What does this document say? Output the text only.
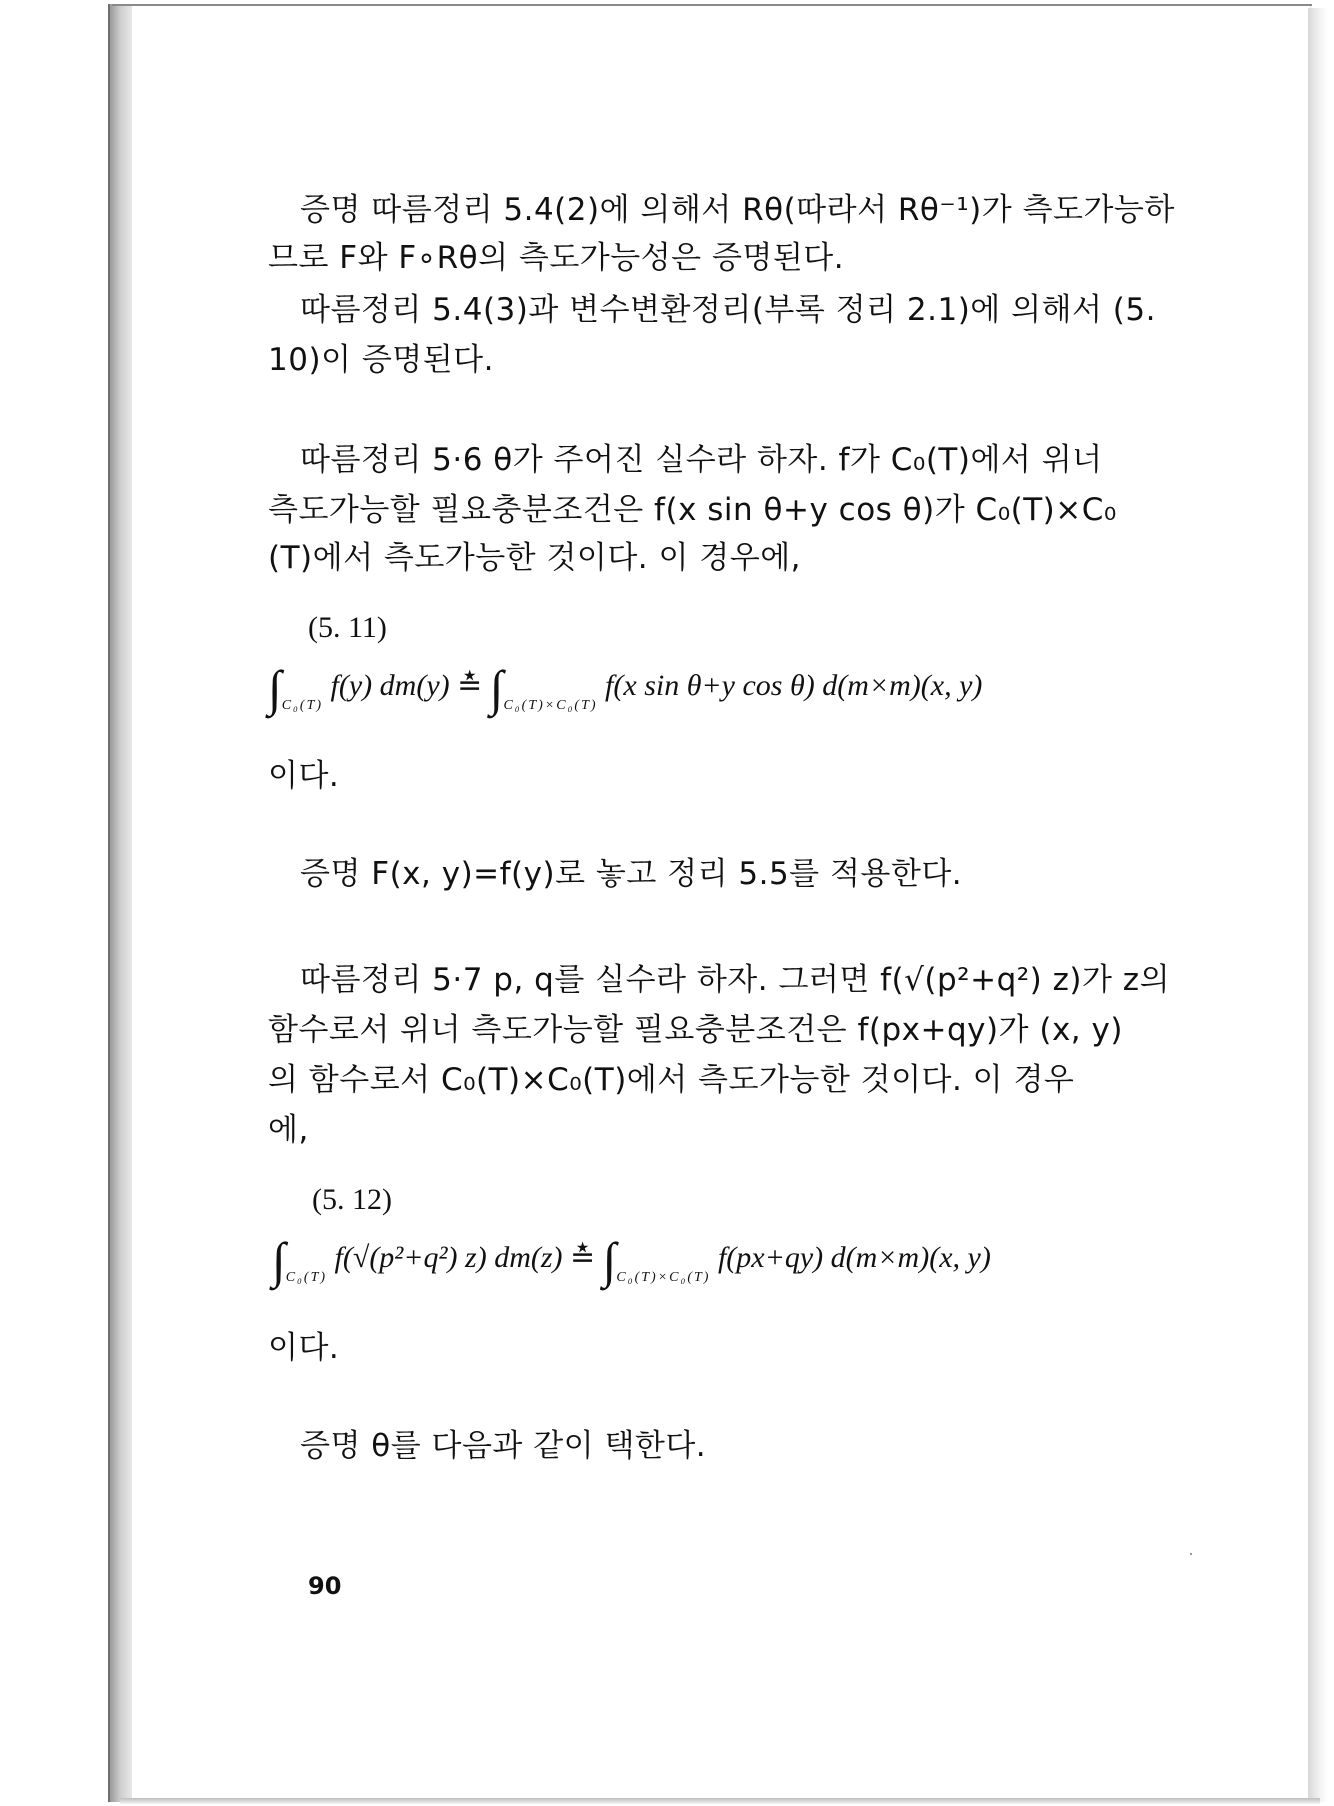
증명 따름정리 5.4(2)에 의해서 Rθ(따라서 Rθ⁻¹)가 측도가능하
므로 F와 F∘Rθ의 측도가능성은 증명된다.
따름정리 5.4(3)과 변수변환정리(부록 정리 2.1)에 의해서 (5.
10)이 증명된다.
따름정리 5·6 θ가 주어진 실수라 하자. f가 C₀(T)에서 위너
측도가능할 필요충분조건은 f(x sin θ+y cos θ)가 C₀(T)×C₀
(T)에서 측도가능한 것이다. 이 경우에,
(5. 11)
$\int_{C_0(T)}$ f(y) dm(y) ≛ $\int_{C_0(T)\times C_0(T)}$ f(x sin θ+y cos θ) d(m×m)(x, y)
이다.
증명 F(x, y)=f(y)로 놓고 정리 5.5를 적용한다.
따름정리 5·7 p, q를 실수라 하자. 그러면 f(√(p²+q²) z)가 z의
함수로서 위너 측도가능할 필요충분조건은 f(px+qy)가 (x, y)
의 함수로서 C₀(T)×C₀(T)에서 측도가능한 것이다. 이 경우
에,
(5. 12)
$\int_{C_0(T)}$ f(√(p²+q²) z) dm(z) ≛ $\int_{C_0(T)\times C_0(T)}$ f(px+qy) d(m×m)(x, y)
이다.
증명 θ를 다음과 같이 택한다.
90
